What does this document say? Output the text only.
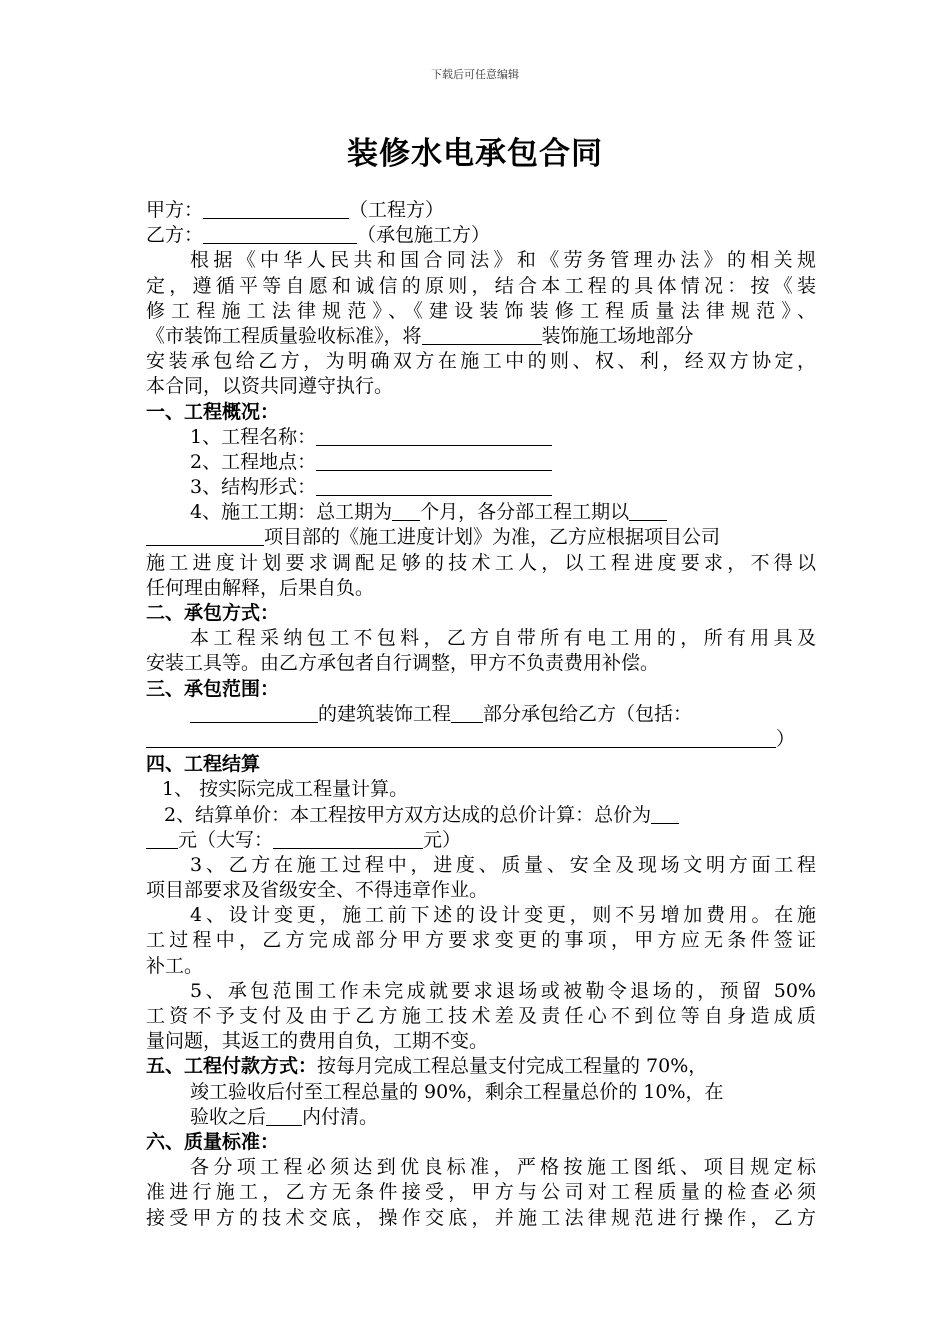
下载后可任意编辑
装修水电承包合同
甲方：	（工程方）
乙方：	（承包施工方）
根据《中华人民共和国合同法》和《劳务管理办法》的相关规
定，遵循平等自愿和诚信的原则，结合本工程的具体情况：按《装
修工程施工法律规范》、《建设装饰装修工程质量法律规范》、
《市装饰工程质量验收标准》，将	装饰施工场地部分
安装承包给乙方，为明确双方在施工中的则、权、利，经双方协定，
本合同，以资共同遵守执行。
一、工程概况：
1、工程名称：
2、工程地点：
3、结构形式：
4、施工工期：总工期为 个月，各分部工程工期以
项目部的《施工进度计划》为准，乙方应根据项目公司
施工进度计划要求调配足够的技术工人，以工程进度要求，不得以
任何理由解释，后果自负。
二、承包方式：
本工程采纳包工不包料，乙方自带所有电工用的，所有用具及
安装工具等。由乙方承包者自行调整，甲方不负责费用补偿。
三、承包范围：
的建筑装饰工程 部分承包给乙方（包括：
）
四、工程结算
1、 按实际完成工程量计算。
2、结算单价：本工程按甲方双方达成的总价计算：总价为
元（大写：	元）
3、乙方在施工过程中，进度、质量、安全及现场文明方面工程
项目部要求及省级安全、不得违章作业。
4、设计变更，施工前下述的设计变更，则不另增加费用。在施
工过程中，乙方完成部分甲方要求变更的事项，甲方应无条件签证
补工。
5、承包范围工作未完成就要求退场或被勒令退场的，预留 50%
工资不予支付及由于乙方施工技术差及责任心不到位等自身造成质
量问题，其返工的费用自负，工期不变。
五、工程付款方式：按每月完成工程总量支付完成工程量的 70%，
竣工验收后付至工程总量的 90%，剩余工程量总价的 10%，在
验收之后 内付清。
六、质量标准：
各分项工程必须达到优良标准，严格按施工图纸、项目规定标
准进行施工，乙方无条件接受，甲方与公司对工程质量的检查必须
接受甲方的技术交底，操作交底，并施工法律规范进行操作，乙方
